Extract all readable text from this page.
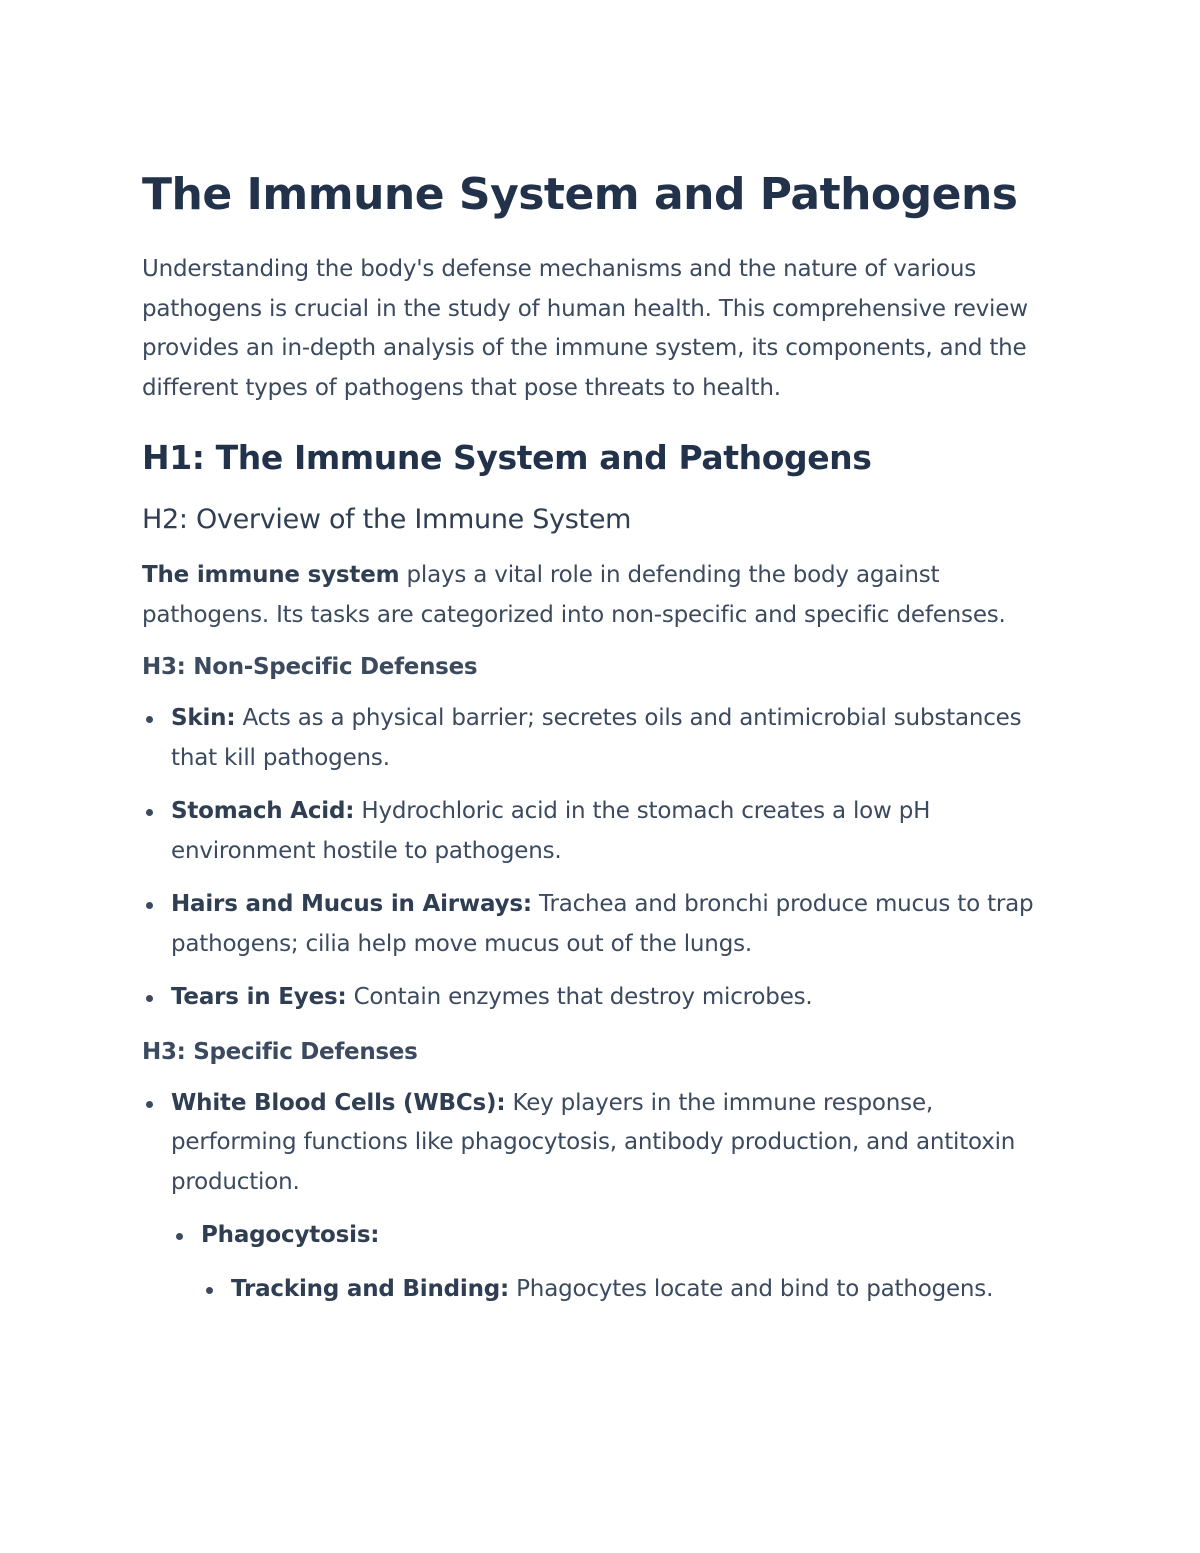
The Immune System and Pathogens

Understanding the body's defense mechanisms and the nature of various pathogens is crucial in the study of human health. This comprehensive review provides an in-depth analysis of the immune system, its components, and the different types of pathogens that pose threats to health.

H1: The Immune System and Pathogens
H2: Overview of the Immune System

The immune system plays a vital role in defending the body against pathogens. Its tasks are categorized into non-specific and specific defenses.

H3: Non-Specific Defenses
Skin: Acts as a physical barrier; secretes oils and antimicrobial substances that kill pathogens.
Stomach Acid: Hydrochloric acid in the stomach creates a low pH environment hostile to pathogens.
Hairs and Mucus in Airways: Trachea and bronchi produce mucus to trap pathogens; cilia help move mucus out of the lungs.
Tears in Eyes: Contain enzymes that destroy microbes.
H3: Specific Defenses
White Blood Cells (WBCs): Key players in the immune response, performing functions like phagocytosis, antibody production, and antitoxin production.
Phagocytosis:
Tracking and Binding: Phagocytes locate and bind to pathogens.
